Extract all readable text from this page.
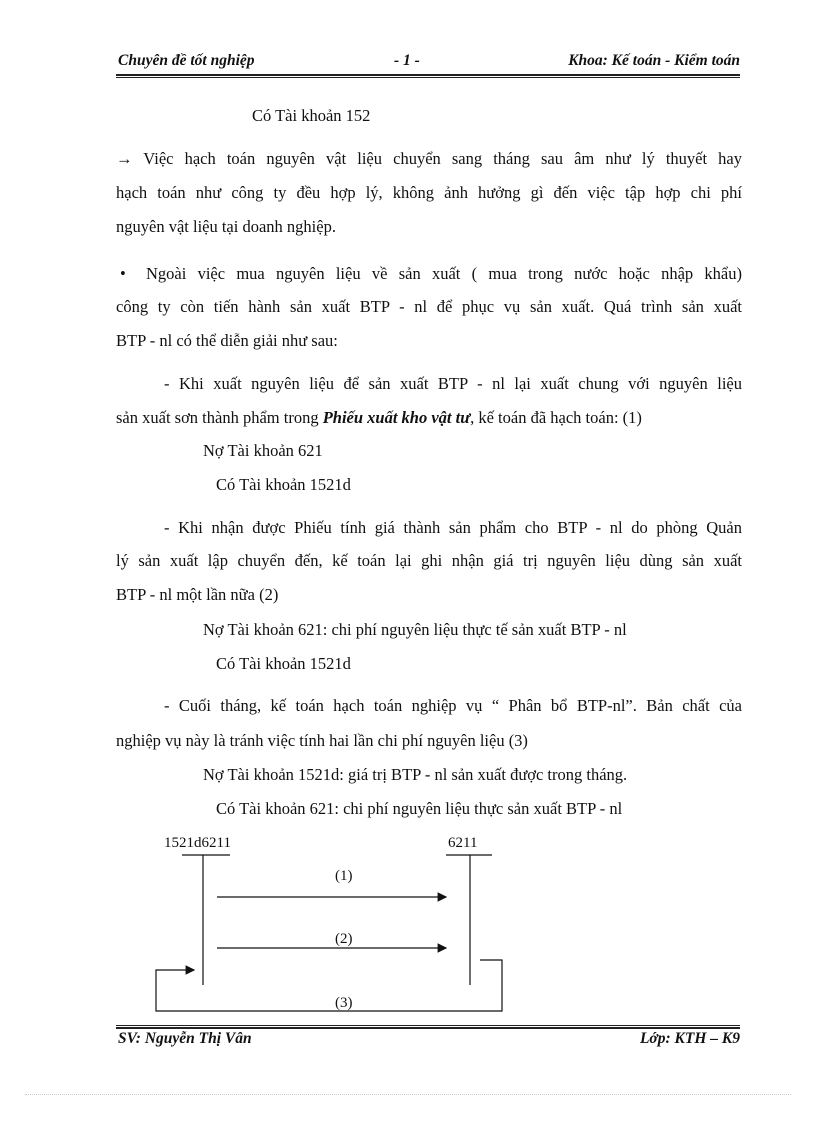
Chuyên đề tốt nghiệp	- 1 -	Khoa: Kế toán - Kiểm toán
Có Tài khoản 152
→ Việc hạch toán nguyên vật liệu chuyển sang tháng sau âm như lý thuyết hay
hạch toán như công ty đều hợp lý, không ảnh hưởng gì đến việc tập hợp chi phí
nguyên vật liệu tại doanh nghiệp.
• Ngoài việc mua nguyên liệu về sản xuất ( mua trong nước hoặc nhập khẩu)
công ty còn tiến hành sản xuất BTP - nl để phục vụ sản xuất. Quá trình sản xuất
BTP - nl có thể diễn giải như sau:
- Khi xuất nguyên liệu để sản xuất BTP - nl lại xuất chung với nguyên liệu
sản xuất sơn thành phẩm trong Phiếu xuất kho vật tư, kế toán đã hạch toán: (1)
Nợ Tài khoản 621
Có Tài khoản 1521d
- Khi nhận được Phiếu tính giá thành sản phẩm cho BTP - nl do phòng Quản
lý sản xuất lập chuyển đến, kế toán lại ghi nhận giá trị nguyên liệu dùng sản xuất
BTP - nl một lần nữa (2)
Nợ Tài khoản 621: chi phí nguyên liệu thực tế sản xuất BTP - nl
Có Tài khoản 1521d
- Cuối tháng, kế toán hạch toán nghiệp vụ “ Phân bổ BTP-nl”. Bản chất của
nghiệp vụ này là tránh việc tính hai lần chi phí nguyên liệu (3)
Nợ Tài khoản 1521d: giá trị BTP - nl sản xuất được trong tháng.
Có Tài khoản 621: chi phí nguyên liệu thực sản xuất BTP - nl
1521d6211	6211
(1)
(2)
(3)
SV: Nguyễn Thị Vân	Lớp: KTH – K9
